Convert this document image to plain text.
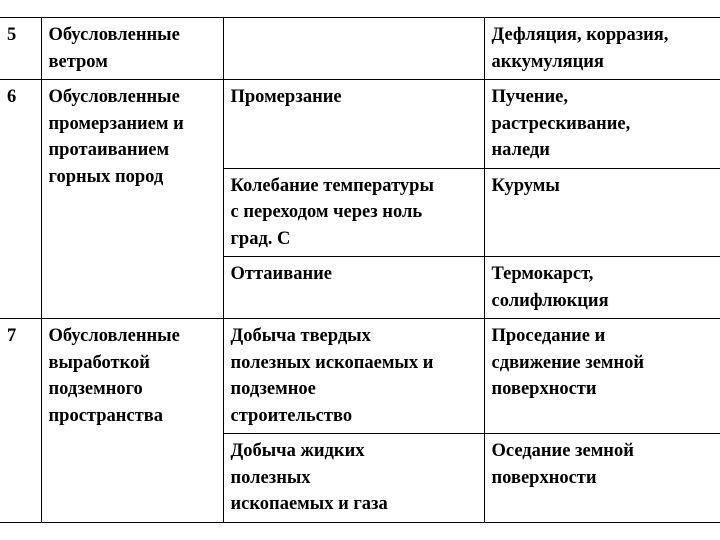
5	Обусловленные
ветром		Дефляция, корразия,
аккумуляция
6	Обусловленные
промерзанием и
протаиванием
горных пород	Промерзание	Пучение,
растрескивание,
наледи
		Колебание температуры
с переходом через ноль
град. С	Курумы
		Оттаивание	Термокарст,
солифлюкция
7	Обусловленные
выработкой
подземного
пространства	Добыча твердых
полезных ископаемых и
подземное
строительство	Проседание и
сдвижение земной
поверхности
		Добыча жидких
полезных
ископаемых и газа	Оседание земной
поверхности
